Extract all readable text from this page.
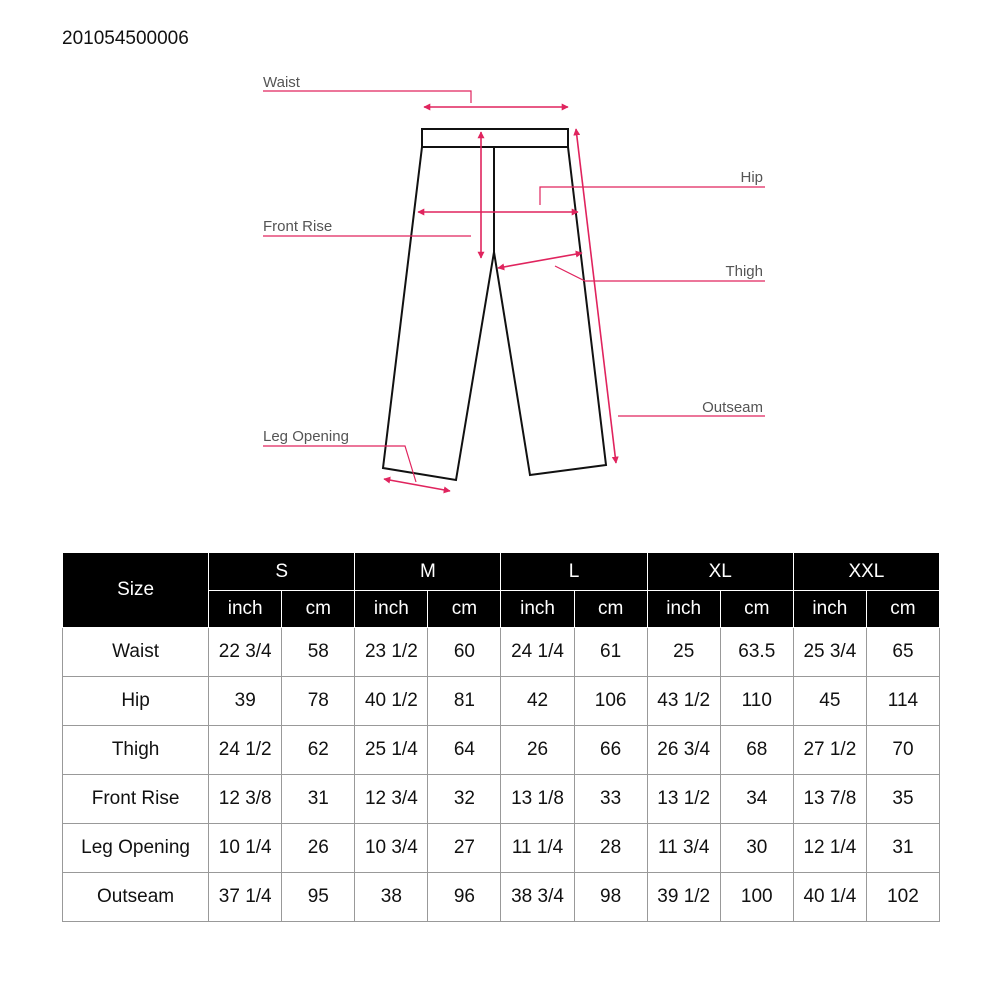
201054500006
Waist
Hip
Front Rise
Thigh
Outseam
Leg Opening
Size	S		M		L		XL		XXL	
	inch	cm	inch	cm	inch	cm	inch	cm	inch	cm
Waist	22 3/4	58	23 1/2	60	24 1/4	61	25	63.5	25 3/4	65
Hip	39	78	40 1/2	81	42	106	43 1/2	110	45	114
Thigh	24 1/2	62	25 1/4	64	26	66	26 3/4	68	27 1/2	70
Front Rise	12 3/8	31	12 3/4	32	13 1/8	33	13 1/2	34	13 7/8	35
Leg Opening	10 1/4	26	10 3/4	27	11 1/4	28	11 3/4	30	12 1/4	31
Outseam	37 1/4	95	38	96	38 3/4	98	39 1/2	100	40 1/4	102
